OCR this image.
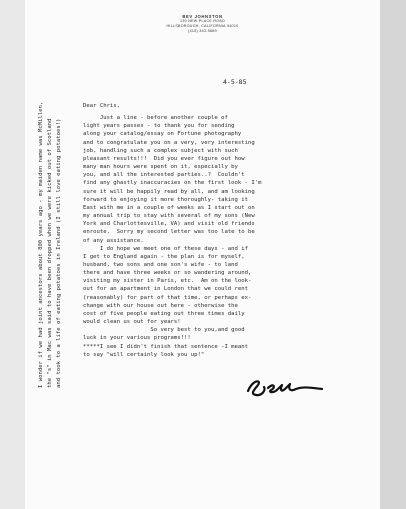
BEV JOHNSTON
130 NEW PLACE ROAD
HILLSBOROUGH, CALIFORNIA 94010
(415) 343-9689
4-5-85
Dear Chris,
Just a line - before another couple of
light years passes - to thank you for sending
along your catalog/essay on Fortune photography
and to congratulate you on a very, very interesting
job, handling such a complex subject with such
pleasant results!!!  Did you ever figure out how
many man hours were spent on it, especially by
you, and all the interested parties..?  Couldn't
find any ghastly inaccuracies on the first look - I'm
sure it will be happily read by all, and am looking
forward to enjoying it more thoroughly- taking it
East with me in a couple of weeks as I start out on
my annual trip to stay with several of my sons (New
York and Charlottesville, VA) and visit old friends
enroute.  Sorry my second letter was too late to be
of any assistance.
I do hope we meet one of these days - and if
I get to England again - the plan is for myself,
husband, two sons and one son's wife - to land
there and have three weeks or so wandering around,
visiting my sister in Paris, etc.  Am on the look-
out for an apartment in London that we could rent
(reasonably) for part of that time, or perhaps ex-
change with our house out here - otherwise the
cost of five people eating out three times daily
would clean us out for years!
So very best to you,and good
luck in your various programs!!!
*****I see I didn't finish that sentence -I meant
to say "will certainly look you up!"
I wonder if we had joint ancestors about 800 years ago - my maiden name was McMillen, the "s" in Mac was said to have been dropped when we were kicked out of Scotland and took to a life of eating potatoes in Ireland (I still love eating potatoes!)
